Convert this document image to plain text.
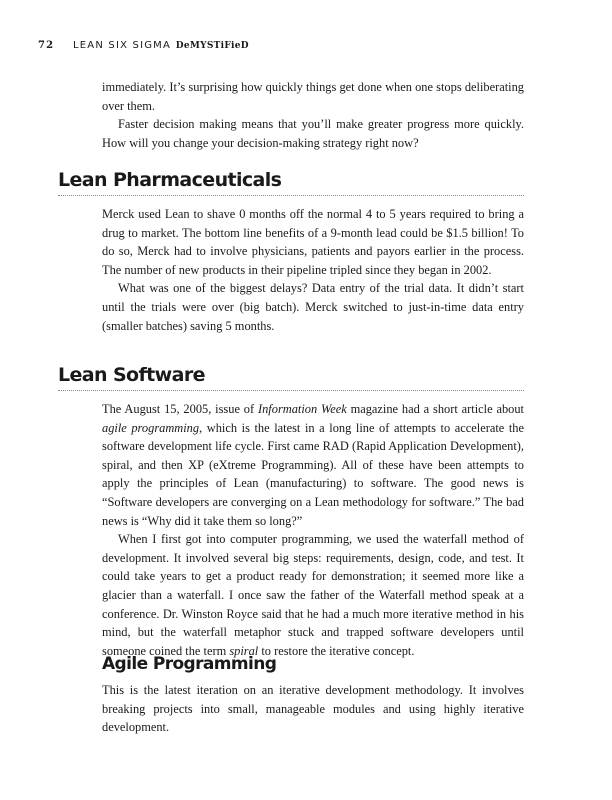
72 LEAN SIX SIGMA DeMYSTiFieD

immediately. It’s surprising how quickly things get done when one stops deliberating over them.

Faster decision making means that you’ll make greater progress more quickly. How will you change your decision-making strategy right now?

Lean Pharmaceuticals

Merck used Lean to shave 0 months off the normal 4 to 5 years required to bring a drug to market. The bottom line benefits of a 9-month lead could be $1.5 billion! To do so, Merck had to involve physicians, patients and payors earlier in the process. The number of new products in their pipeline tripled since they began in 2002.

What was one of the biggest delays? Data entry of the trial data. It didn’t start until the trials were over (big batch). Merck switched to just-in-time data entry (smaller batches) saving 5 months.

Lean Software

The August 15, 2005, issue of Information Week magazine had a short article about agile programming, which is the latest in a long line of attempts to accelerate the software development life cycle. First came RAD (Rapid Application Development), spiral, and then XP (eXtreme Programming). All of these have been attempts to apply the principles of Lean (manufacturing) to software. The good news is “Software developers are converging on a Lean methodology for software.” The bad news is “Why did it take them so long?”

When I first got into computer programming, we used the waterfall method of development. It involved several big steps: requirements, design, code, and test. It could take years to get a product ready for demonstration; it seemed more like a glacier than a waterfall. I once saw the father of the Waterfall method speak at a conference. Dr. Winston Royce said that he had a much more iterative method in his mind, but the waterfall metaphor stuck and trapped software developers until someone coined the term spiral to restore the iterative concept.

Agile Programming

This is the latest iteration on an iterative development methodology. It involves breaking projects into small, manageable modules and using highly iterative development.
